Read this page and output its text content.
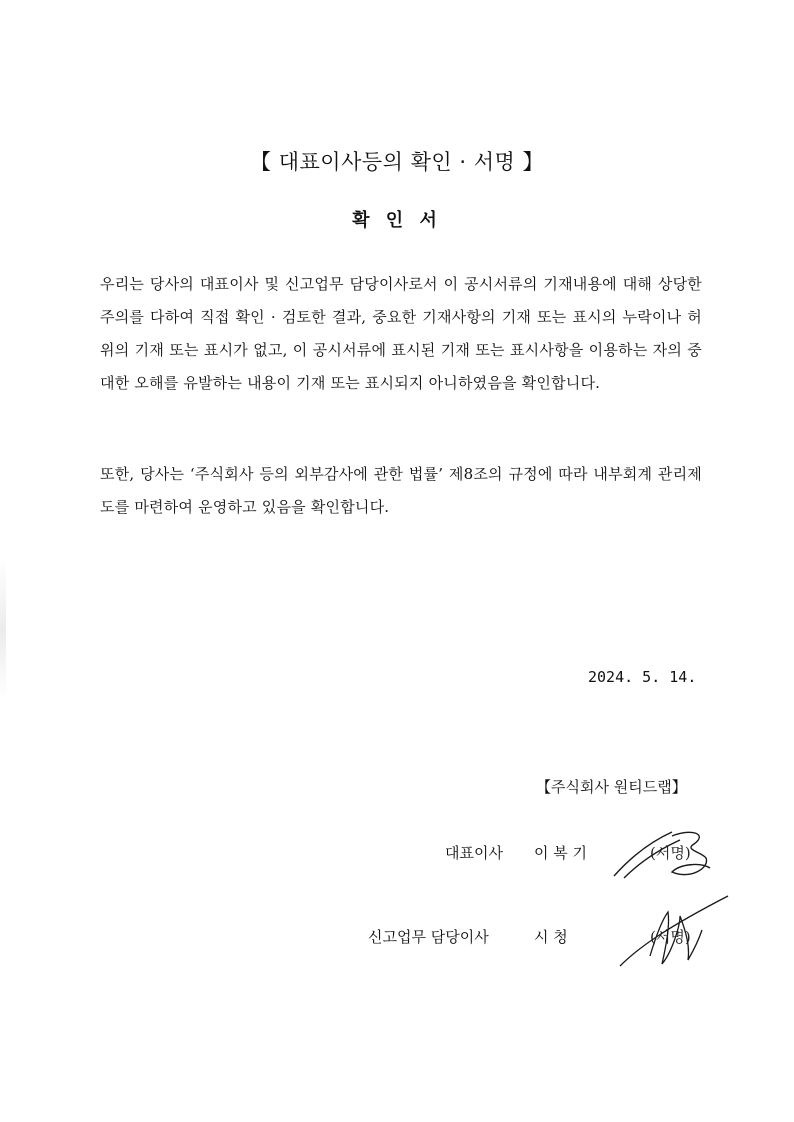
【 대표이사등의 확인 · 서명 】
확 인 서

우리는 당사의 대표이사 및 신고업무 담당이사로서 이 공시서류의 기재내용에 대해 상당한 주의를 다하여 직접 확인 · 검토한 결과, 중요한 기재사항의 기재 또는 표시의 누락이나 허위의 기재 또는 표시가 없고, 이 공시서류에 표시된 기재 또는 표시사항을 이용하는 자의 중대한 오해를 유발하는 내용이 기재 또는 표시되지 아니하였음을 확인합니다.

또한, 당사는 ‘주식회사 등의 외부감사에 관한 법률’ 제8조의 규정에 따라 내부회계 관리제도를 마련하여 운영하고 있음을 확인합니다.

2024. 5. 14.
【주식회사 원티드랩】
대표이사 이 복 기	(서명)
신고업무 담당이사	시 청	(서명)
